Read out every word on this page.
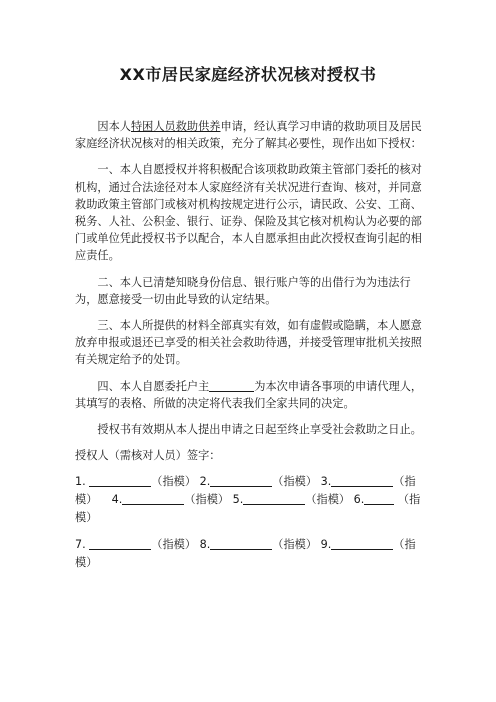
XX市居民家庭经济状况核对授权书

因本人特困人员救助供养申请，经认真学习申请的救助项目及居民家庭经济状况核对的相关政策，充分了解其必要性，现作出如下授权：

一、本人自愿授权并将积极配合该项救助政策主管部门委托的核对机构，通过合法途径对本人家庭经济有关状况进行查询、核对，并同意救助政策主管部门或核对机构按规定进行公示，请民政、公安、工商、税务、人社、公积金、银行、证券、保险及其它核对机构认为必要的部门或单位凭此授权书予以配合，本人自愿承担由此次授权查询引起的相应责任。

二、本人已清楚知晓身份信息、银行账户等的出借行为为违法行为，愿意接受一切由此导致的认定结果。

三、本人所提供的材料全部真实有效，如有虚假或隐瞒，本人愿意放弃申报或退还已享受的相关社会救助待遇，并接受管理审批机关按照有关规定给予的处罚。

四、本人自愿委托户主	为本次申请各事项的申请代理人，其填写的表格、所做的决定将代表我们全家共同的决定。

授权书有效期从本人提出申请之日起至终止享受社会救助之日止。

授权人（需核对人员）签字：

1.	（指模） 2.	（指模） 3.	（指模） 4.	（指模） 5.	（指模） 6.	（指模）
7.	（指模） 8.	（指模） 9.	（指模）
